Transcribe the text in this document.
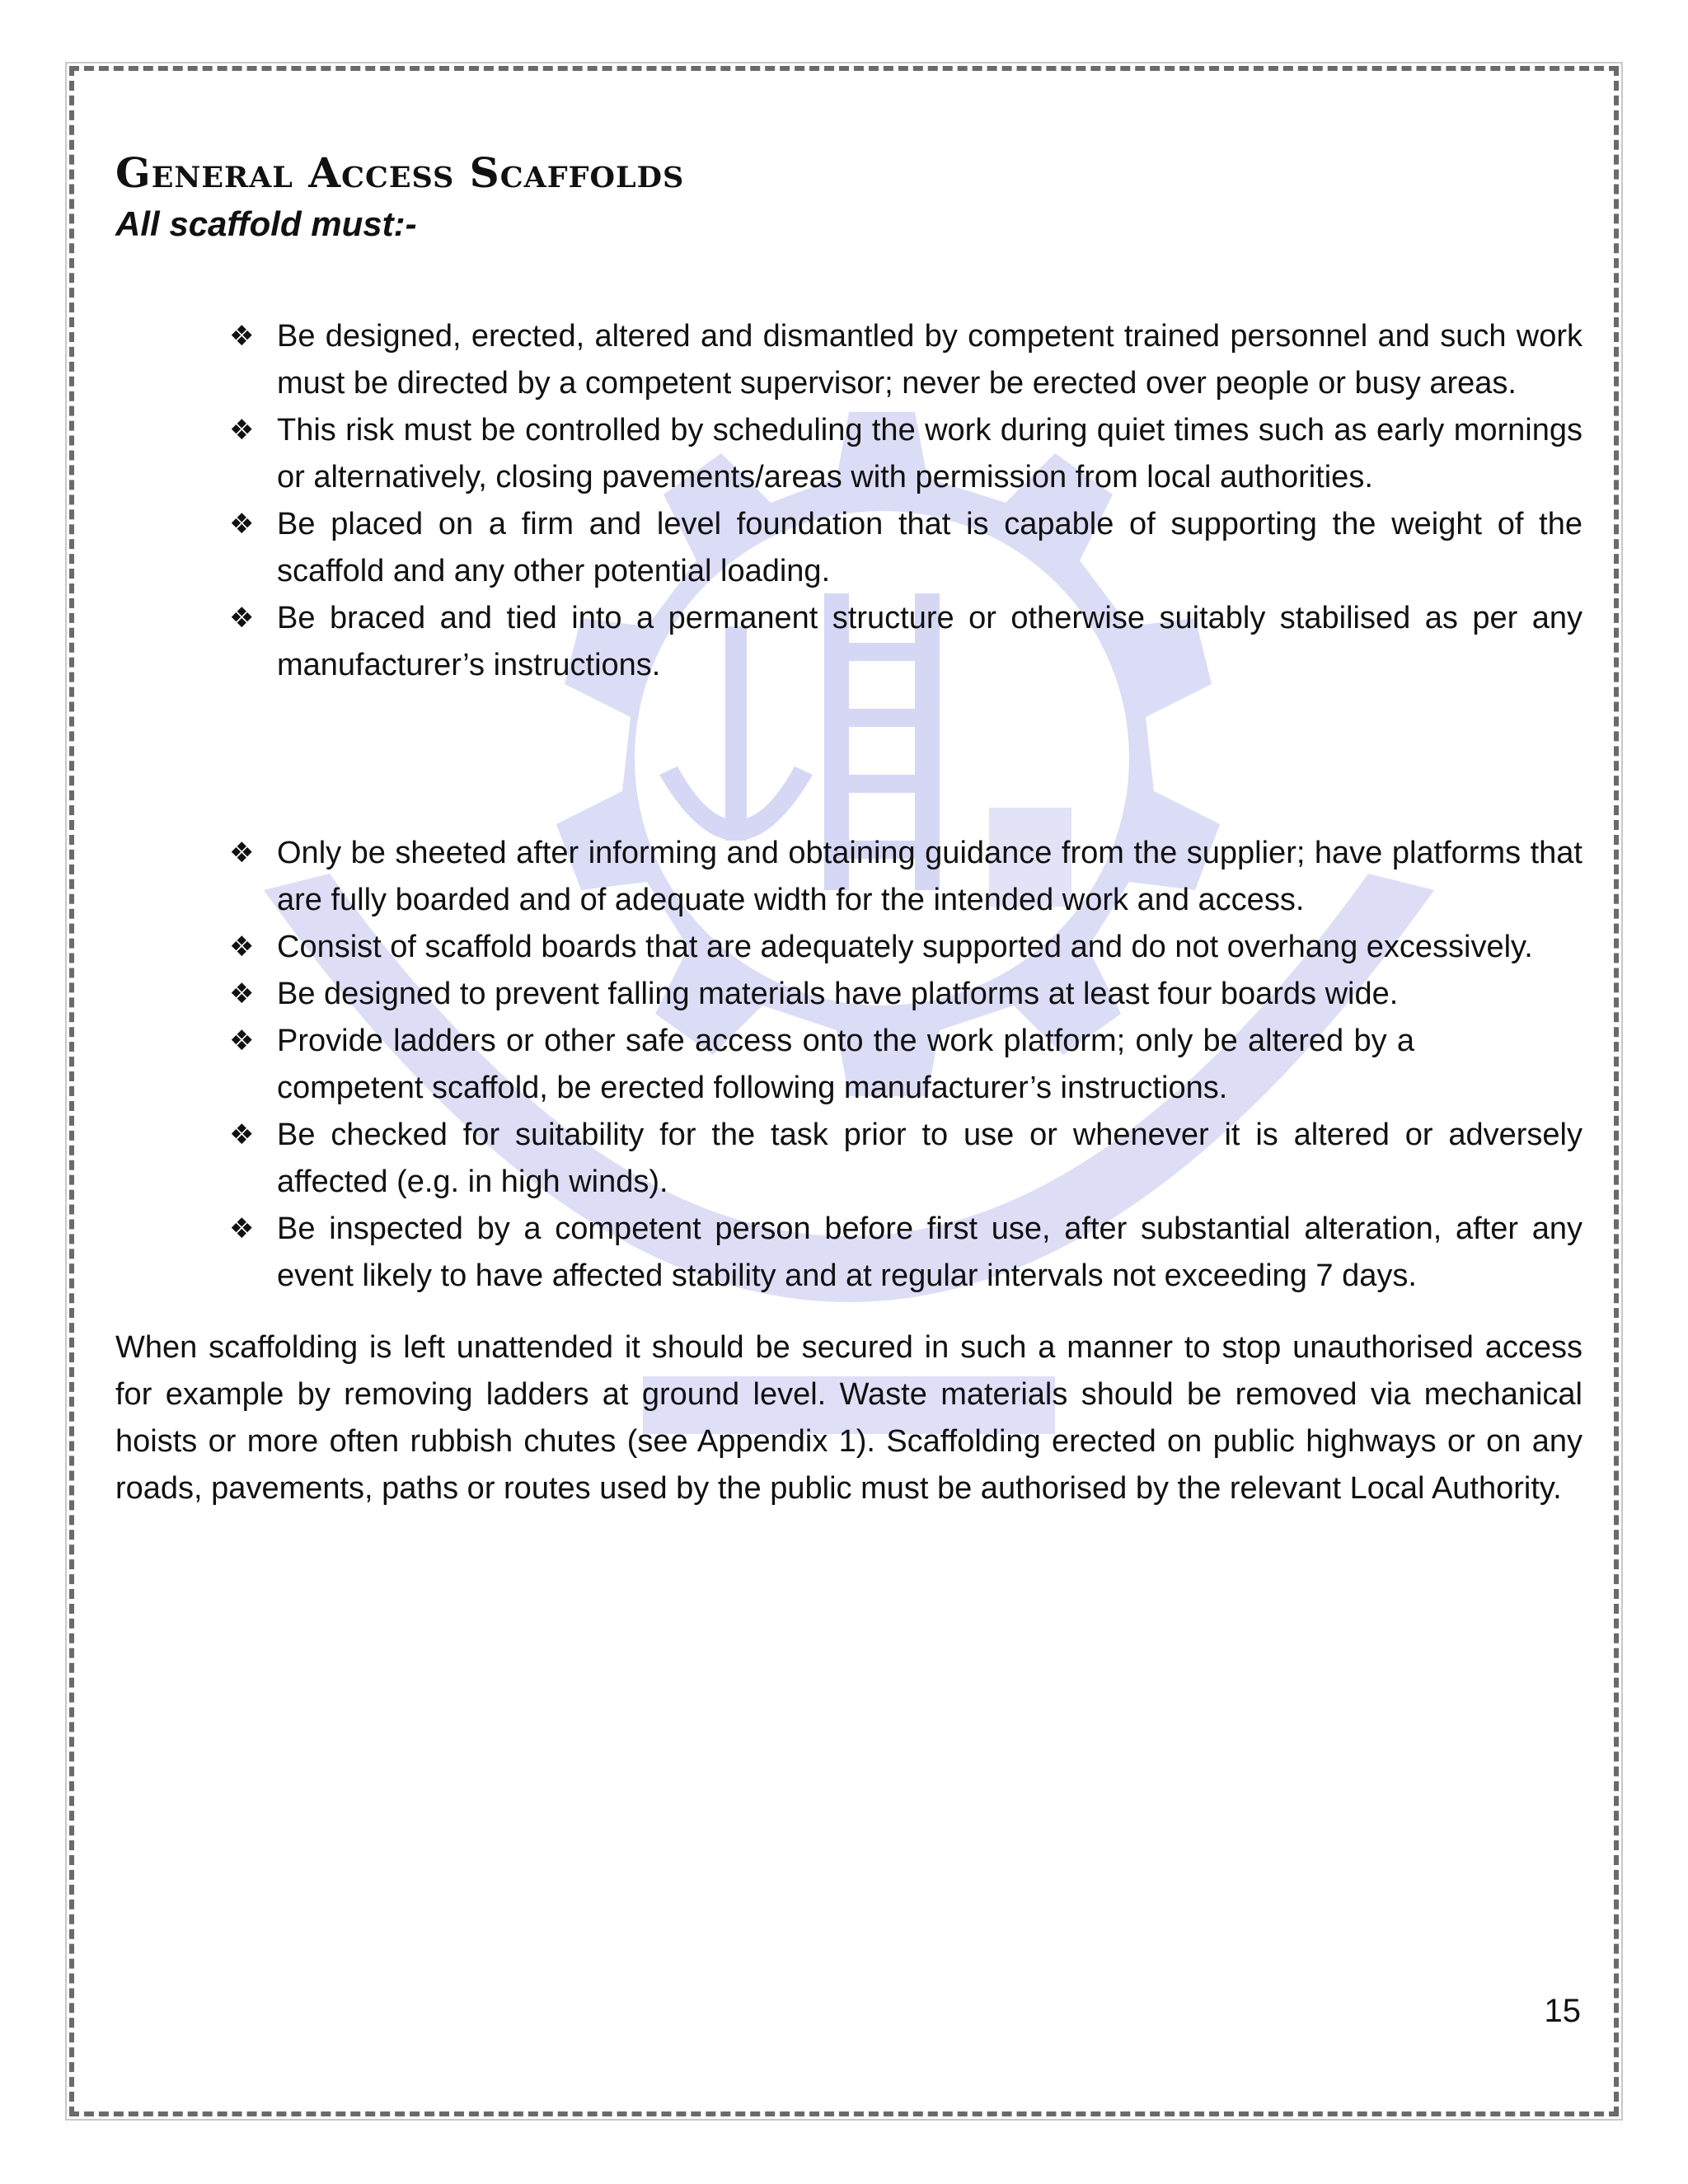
General Access Scaffolds
All scaffold must:-
❖ Be designed, erected, altered and dismantled by competent trained personnel and such work must be directed by a competent supervisor; never be erected over people or busy areas.
❖ This risk must be controlled by scheduling the work during quiet times such as early mornings or alternatively, closing pavements/areas with permission from local authorities.
❖ Be placed on a firm and level foundation that is capable of supporting the weight of the scaffold and any other potential loading.
❖ Be braced and tied into a permanent structure or otherwise suitably stabilised as per any manufacturer’s instructions.
❖ Only be sheeted after informing and obtaining guidance from the supplier; have platforms that are fully boarded and of adequate width for the intended work and access.
❖ Consist of scaffold boards that are adequately supported and do not overhang excessively.
❖ Be designed to prevent falling materials have platforms at least four boards wide.
❖ Provide ladders or other safe access onto the work platform; only be altered by a competent scaffold, be erected following manufacturer’s instructions.
❖ Be checked for suitability for the task prior to use or whenever it is altered or adversely affected (e.g. in high winds).
❖ Be inspected by a competent person before first use, after substantial alteration, after any event likely to have affected stability and at regular intervals not exceeding 7 days.

When scaffolding is left unattended it should be secured in such a manner to stop unauthorised access for example by removing ladders at ground level. Waste materials should be removed via mechanical hoists or more often rubbish chutes (see Appendix 1). Scaffolding erected on public highways or on any roads, pavements, paths or routes used by the public must be authorised by the relevant Local Authority.

15
